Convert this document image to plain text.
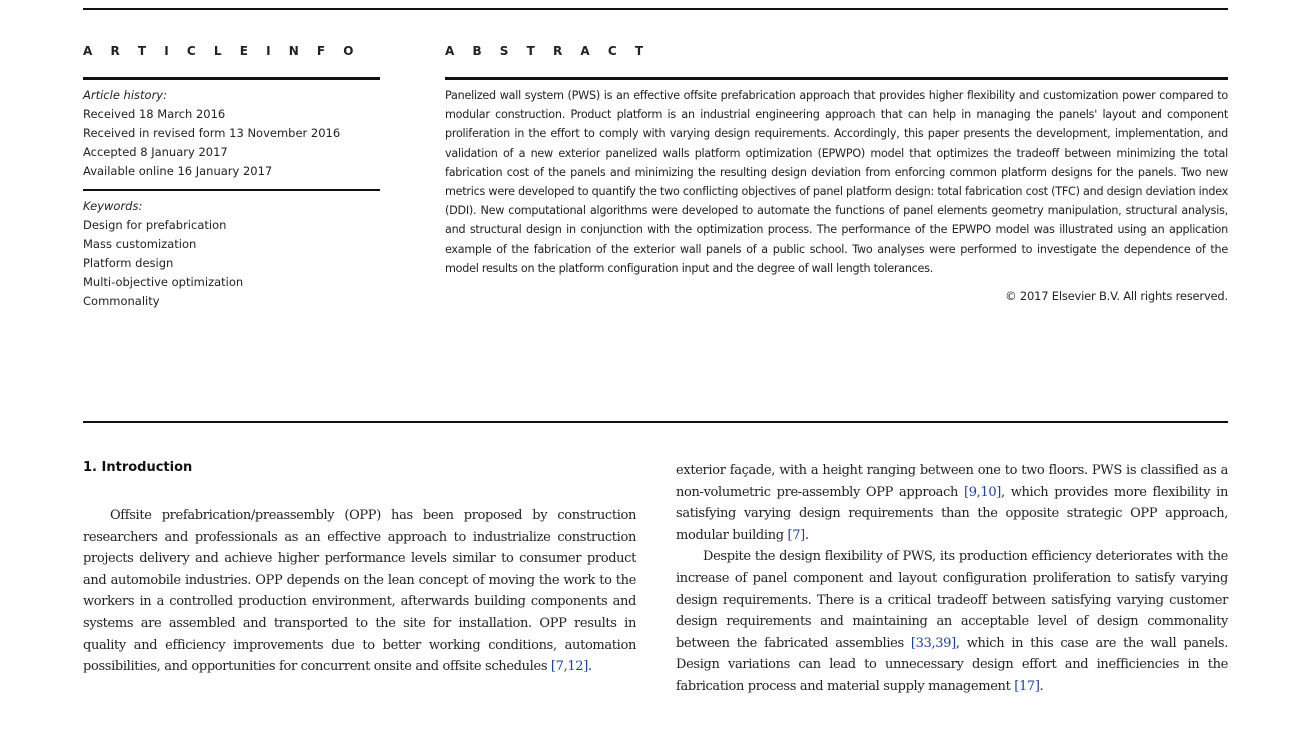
A R T I C L E I N F O	A B S T R A C T
Article history:
Received 18 March 2016
Received in revised form 13 November 2016
Accepted 8 January 2017
Available online 16 January 2017
Keywords:
Design for prefabrication
Mass customization
Platform design
Multi-objective optimization
Commonality

Panelized wall system (PWS) is an effective offsite prefabrication approach that provides higher flexibility and customization power compared to modular construction. Product platform is an industrial engineering approach that can help in managing the panels' layout and component proliferation in the effort to comply with varying design requirements. Accordingly, this paper presents the development, implementation, and validation of a new exterior panelized walls platform optimization (EPWPO) model that optimizes the tradeoff between minimizing the total fabrication cost of the panels and minimizing the resulting design deviation from enforcing common platform designs for the panels. Two new metrics were developed to quantify the two conflicting objectives of panel platform design: total fabrication cost (TFC) and design deviation index (DDI). New computational algorithms were developed to automate the functions of panel elements geometry manipulation, structural analysis, and structural design in conjunction with the optimization process. The performance of the EPWPO model was illustrated using an application example of the fabrication of the exterior wall panels of a public school. Two analyses were performed to investigate the dependence of the model results on the platform configuration input and the degree of wall length tolerances.

© 2017 Elsevier B.V. All rights reserved.
1. Introduction

Offsite prefabrication/preassembly (OPP) has been proposed by construction researchers and professionals as an effective approach to industrialize construction projects delivery and achieve higher performance levels similar to consumer product and automobile industries. OPP depends on the lean concept of moving the work to the workers in a controlled production environment, afterwards building components and systems are assembled and transported to the site for installation. OPP results in quality and efficiency improvements due to better working conditions, automation possibilities, and opportunities for concurrent onsite and offsite schedules [7,12].

exterior façade, with a height ranging between one to two floors. PWS is classified as a non-volumetric pre-assembly OPP approach [9,10], which provides more flexibility in satisfying varying design requirements than the opposite strategic OPP approach, modular building [7].

Despite the design flexibility of PWS, its production efficiency deteriorates with the increase of panel component and layout configuration proliferation to satisfy varying design requirements. There is a critical tradeoff between satisfying varying customer design requirements and maintaining an acceptable level of design commonality between the fabricated assemblies [33,39], which in this case are the wall panels. Design variations can lead to unnecessary design effort and inefficiencies in the fabrication process and material supply management [17].
